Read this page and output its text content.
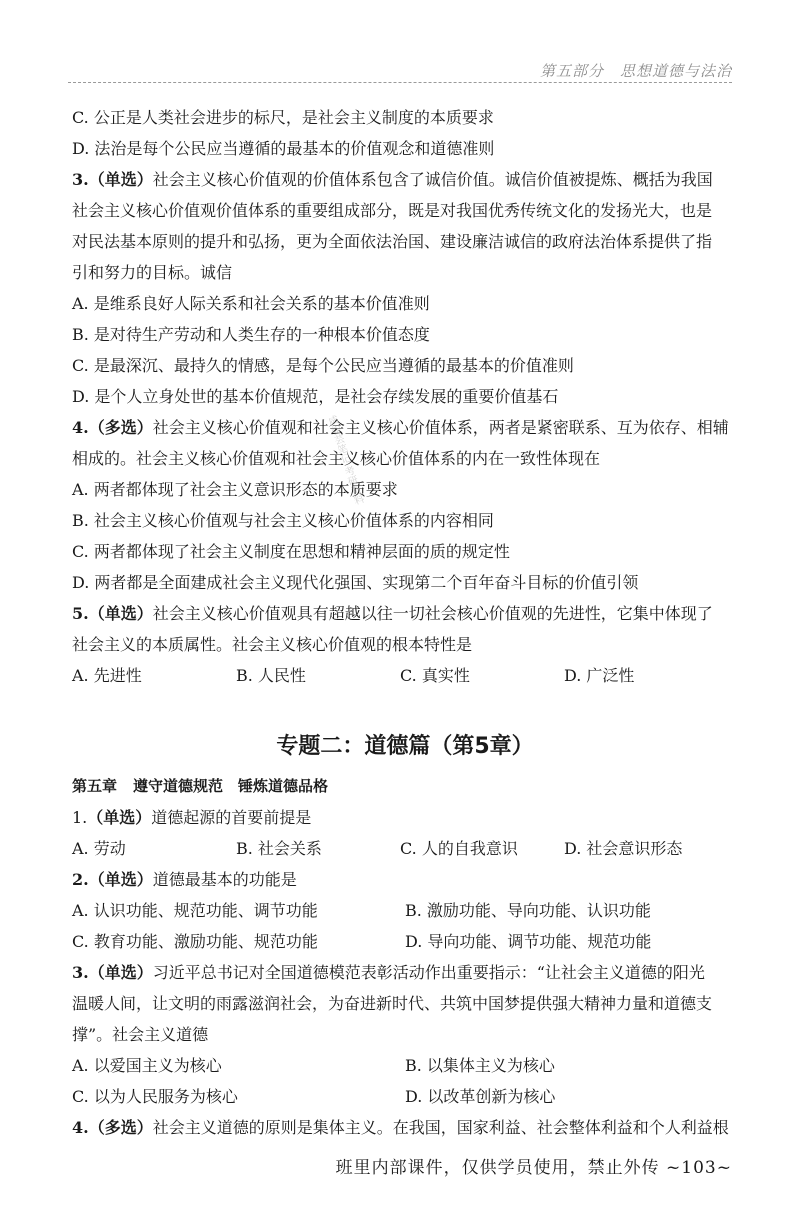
第五部分　思想道德与法治
咸帜芸笔记 考研资料
C. 公正是人类社会进步的标尺，是社会主义制度的本质要求
D. 法治是每个公民应当遵循的最基本的价值观念和道德准则
3.（单选）社会主义核心价值观的价值体系包含了诚信价值。诚信价值被提炼、概括为我国
社会主义核心价值观价值体系的重要组成部分，既是对我国优秀传统文化的发扬光大，也是
对民法基本原则的提升和弘扬，更为全面依法治国、建设廉洁诚信的政府法治体系提供了指
引和努力的目标。诚信
A. 是维系良好人际关系和社会关系的基本价值准则
B. 是对待生产劳动和人类生存的一种根本价值态度
C. 是最深沉、最持久的情感，是每个公民应当遵循的最基本的价值准则
D. 是个人立身处世的基本价值规范，是社会存续发展的重要价值基石
4.（多选）社会主义核心价值观和社会主义核心价值体系，两者是紧密联系、互为依存、相辅
相成的。社会主义核心价值观和社会主义核心价值体系的内在一致性体现在
A. 两者都体现了社会主义意识形态的本质要求
B. 社会主义核心价值观与社会主义核心价值体系的内容相同
C. 两者都体现了社会主义制度在思想和精神层面的质的规定性
D. 两者都是全面建成社会主义现代化强国、实现第二个百年奋斗目标的价值引领
5.（单选）社会主义核心价值观具有超越以往一切社会核心价值观的先进性，它集中体现了
社会主义的本质属性。社会主义核心价值观的根本特性是
A. 先进性	B. 人民性	C. 真实性	D. 广泛性
专题二：道德篇（第5章）
第五章 遵守道德规范　锤炼道德品格
1.（单选）道德起源的首要前提是
A. 劳动	B. 社会关系	C. 人的自我意识	D. 社会意识形态
2.（单选）道德最基本的功能是
A. 认识功能、规范功能、调节功能	B. 激励功能、导向功能、认识功能
C. 教育功能、激励功能、规范功能	D. 导向功能、调节功能、规范功能
3.（单选）习近平总书记对全国道德模范表彰活动作出重要指示：“让社会主义道德的阳光
温暖人间，让文明的雨露滋润社会，为奋进新时代、共筑中国梦提供强大精神力量和道德支
撑”。社会主义道德
A. 以爱国主义为核心	B. 以集体主义为核心
C. 以为人民服务为核心	D. 以改革创新为核心
4.（多选）社会主义道德的原则是集体主义。在我国，国家利益、社会整体利益和个人利益根
班里内部课件，仅供学员使用，禁止外传 ~103~
